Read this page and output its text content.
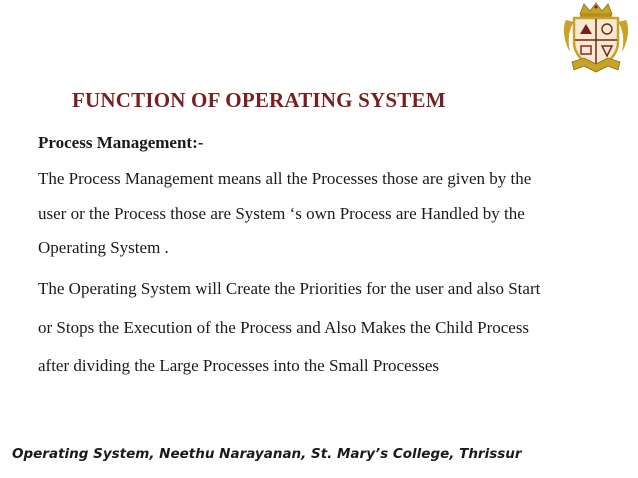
FUNCTION OF OPERATING SYSTEM
Process Management:-
The Process Management means all the Processes those are given by the
user or the Process those are System ‘s own Process are Handled by the
Operating System .
The Operating System will Create the Priorities for the user and also Start
or Stops the Execution of the Process and Also Makes the Child Process
after dividing the Large Processes into the Small Processes
Operating System, Neethu Narayanan, St. Mary’s College, Thrissur
